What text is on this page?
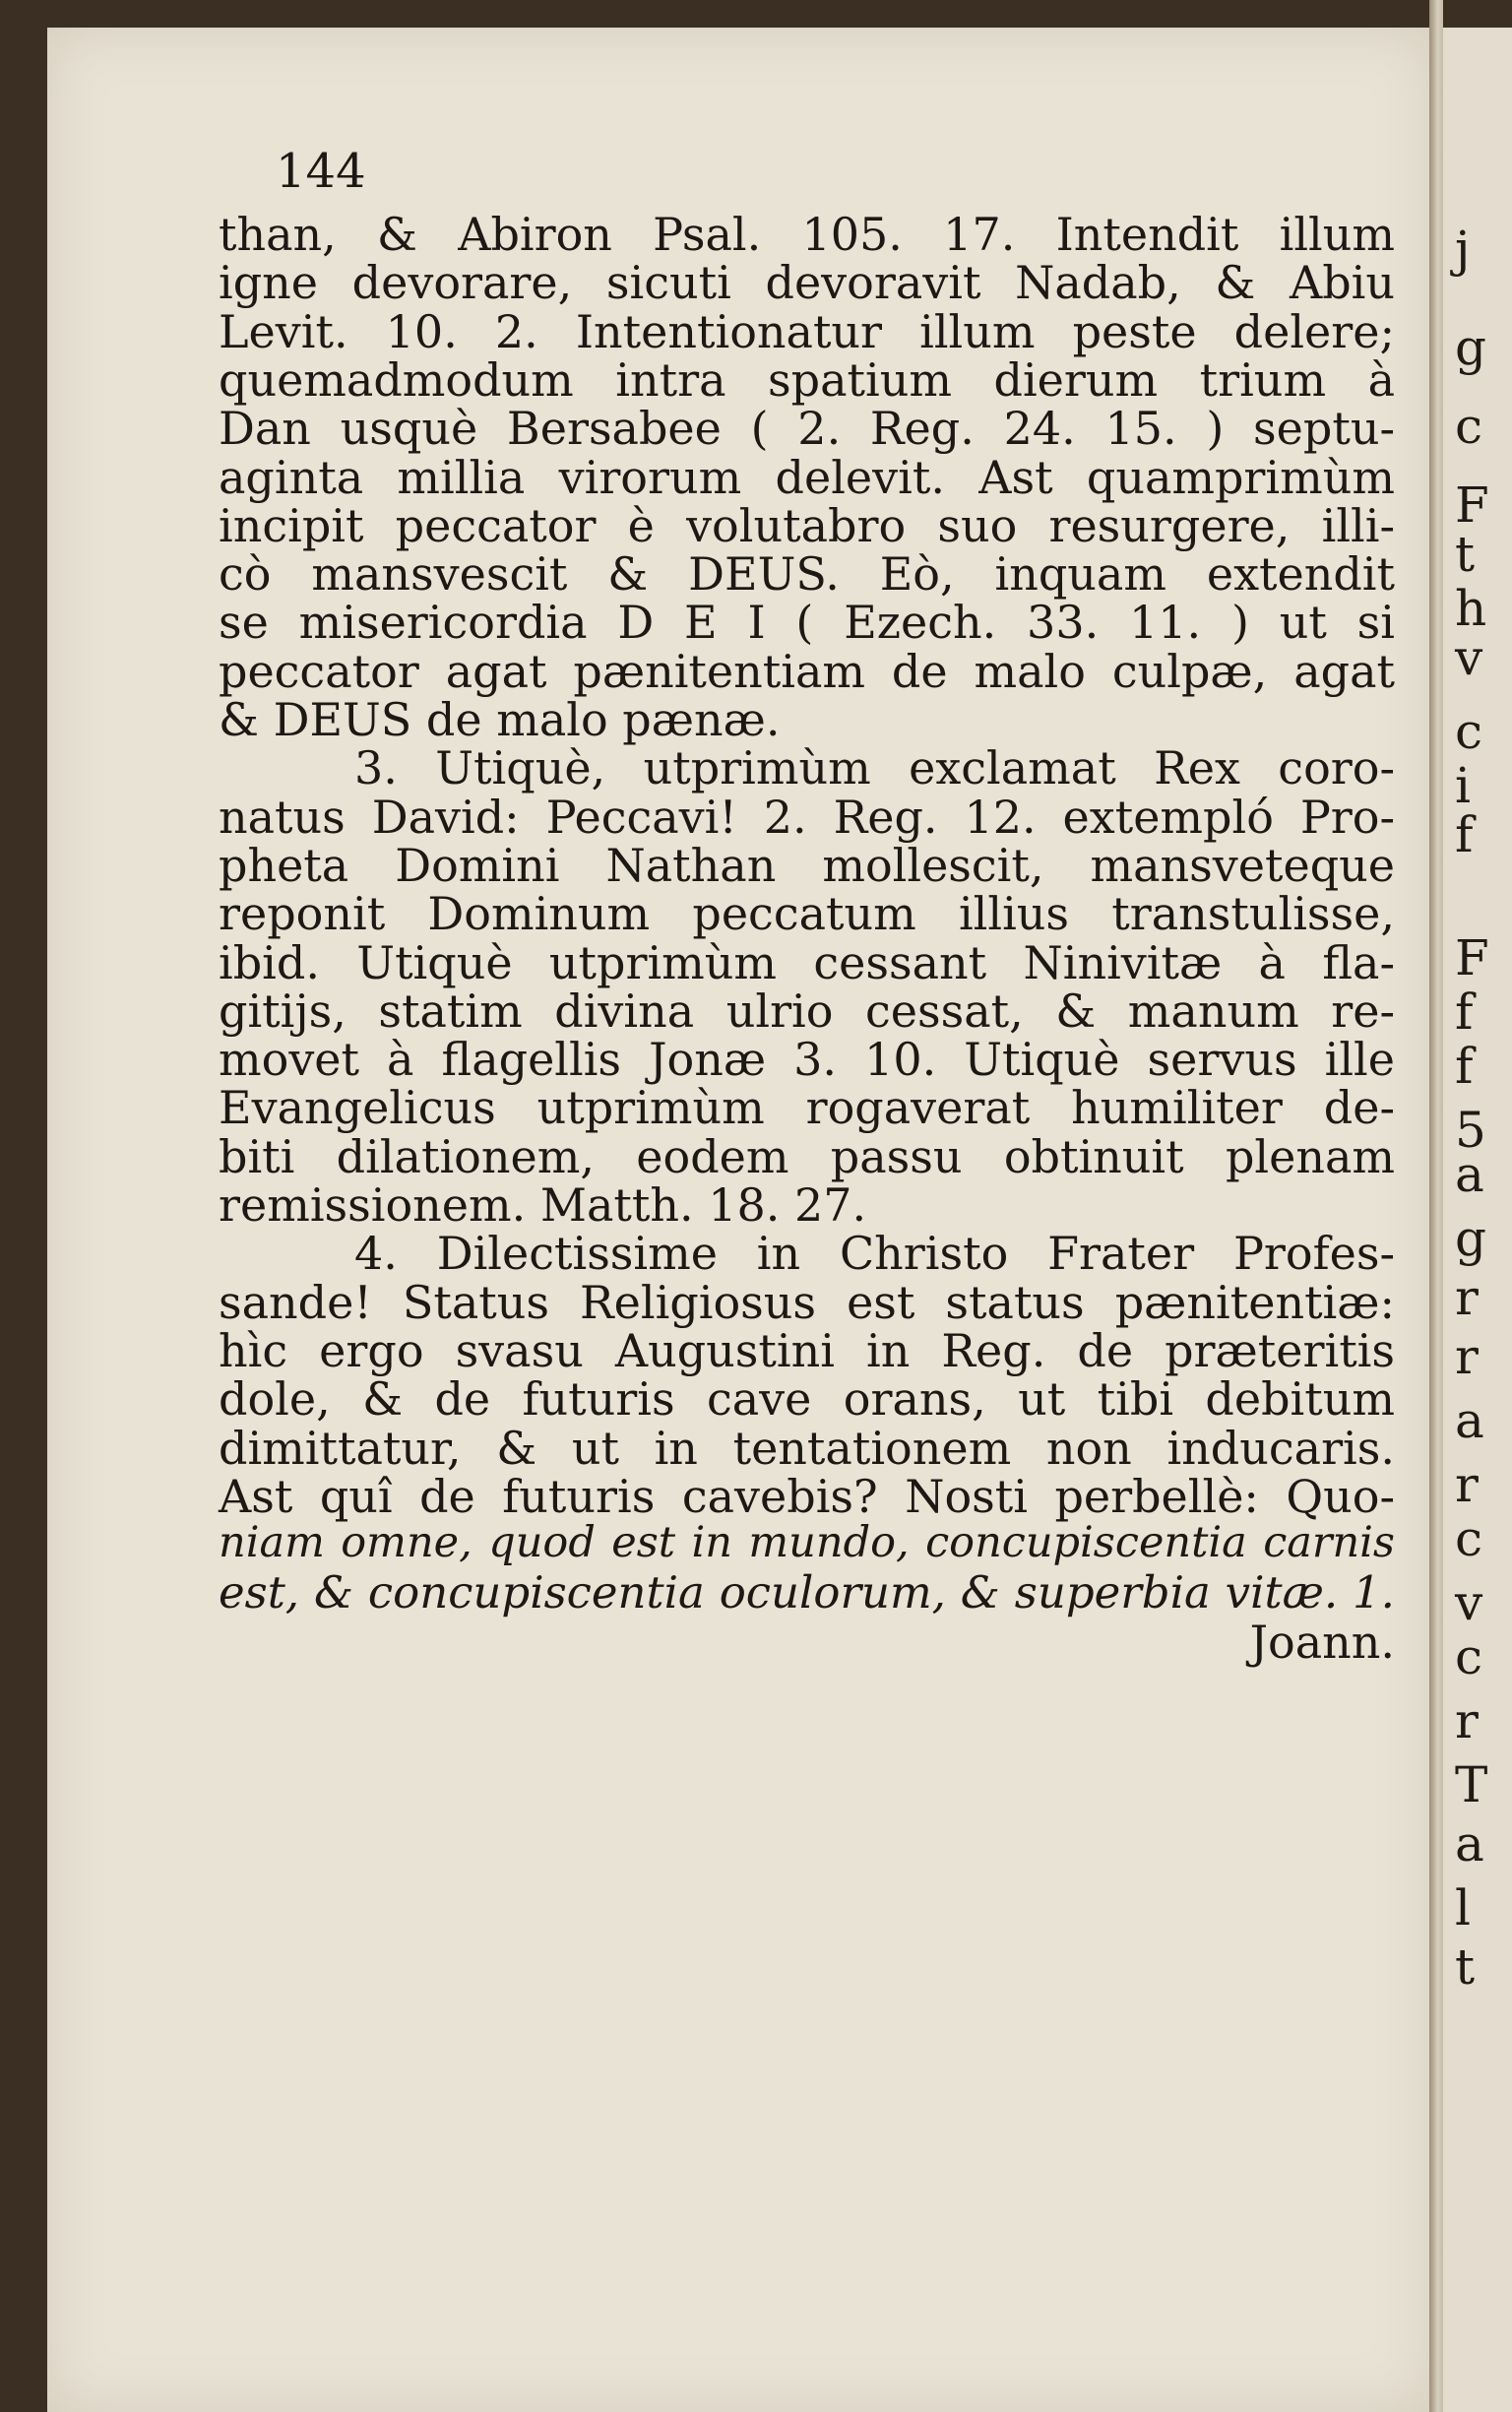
j
g
c
F
t
h
v
c
i
f
F
f
f
5
a
g
r
r
a
r
c
v
c
r
T
a
l
t
144
than, & Abiron Psal. 105. 17. Intendit illum
igne devorare, sicuti devoravit Nadab, & Abiu
Levit. 10. 2. Intentionatur illum peste delere;
quemadmodum intra spatium dierum trium à
Dan usquè Bersabee ( 2. Reg. 24. 15. ) septu-
aginta millia virorum delevit. Ast quamprimùm
incipit peccator è volutabro suo resurgere, illi-
cò mansvescit & DEUS. Eò, inquam extendit
se misericordia D E I ( Ezech. 33. 11. ) ut si
peccator agat pænitentiam de malo culpæ, agat
& DEUS de malo pænæ.
3. Utiquè, utprimùm exclamat Rex coro-
natus David: Peccavi! 2. Reg. 12. extempló Pro-
pheta Domini Nathan mollescit, mansveteque
reponit Dominum peccatum illius transtulisse,
ibid. Utiquè utprimùm cessant Ninivitæ à fla-
gitijs, statim divina ulrio cessat, & manum re-
movet à flagellis Jonæ 3. 10. Utiquè servus ille
Evangelicus utprimùm rogaverat humiliter de-
biti dilationem, eodem passu obtinuit plenam
remissionem. Matth. 18. 27.
4. Dilectissime in Christo Frater Profes-
sande! Status Religiosus est status pænitentiæ:
hìc ergo svasu Augustini in Reg. de præteritis
dole, & de futuris cave orans, ut tibi debitum
dimittatur, & ut in tentationem non inducaris.
Ast quî de futuris cavebis? Nosti perbellè: Quo-
niam omne, quod est in mundo, concupiscentia carnis
est, & concupiscentia oculorum, & superbia vitæ. 1.
Joann.
